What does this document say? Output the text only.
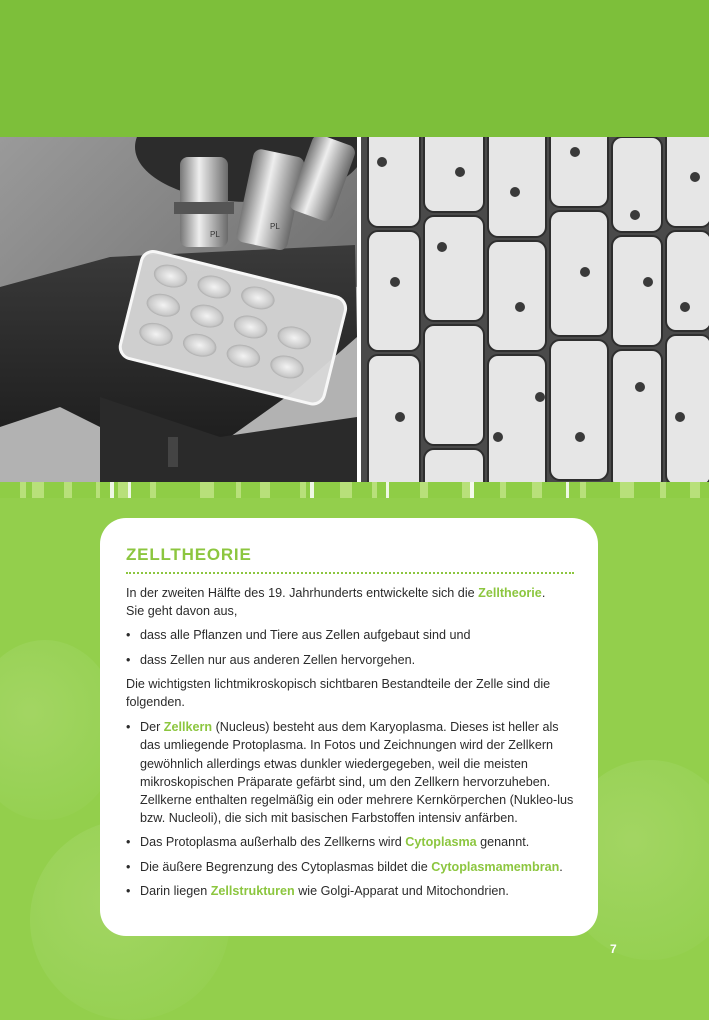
PL
PL
ZELLTHEORIE

In der zweiten Hälfte des 19. Jahrhunderts entwickelte sich die Zelltheorie.
Sie geht davon aus,

• dass alle Pflanzen und Tiere aus Zellen aufgebaut sind und
• dass Zellen nur aus anderen Zellen hervorgehen.

Die wichtigsten lichtmikroskopisch sichtbaren Bestandteile der Zelle sind die folgenden.

• Der Zellkern (Nucleus) besteht aus dem Karyoplasma. Dieses ist heller als das umliegende Protoplasma. In Fotos und Zeichnungen wird der Zellkern gewöhnlich allerdings etwas dunkler wiedergegeben, weil die meisten mikroskopischen Präparate gefärbt sind, um den Zellkern hervorzuheben. Zellkerne enthalten regelmäßig ein oder mehrere Kernkörperchen (Nukleo-lus bzw. Nucleoli), die sich mit basischen Farbstoffen intensiv anfärben.
• Das Protoplasma außerhalb des Zellkerns wird Cytoplasma genannt.
• Die äußere Begrenzung des Cytoplasmas bildet die Cytoplasmamembran.
• Darin liegen Zellstrukturen wie Golgi-Apparat und Mitochondrien.
7
